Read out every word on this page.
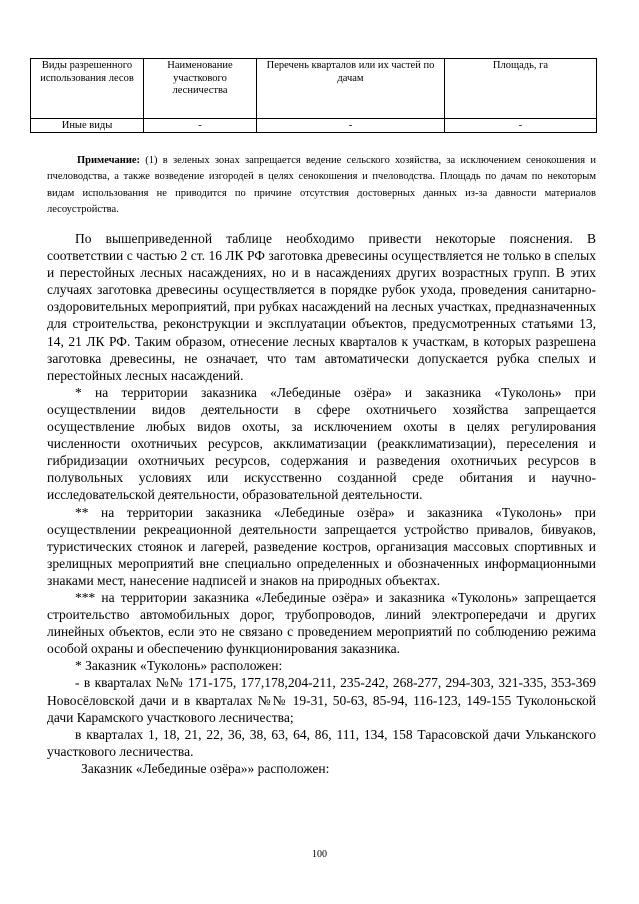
Виды разрешенного использования лесов	Наименование участкового лесничества	Перечень кварталов или их частей по дачам	Площадь, га
Иные виды	-	-	-

Примечание: (1) в зеленых зонах запрещается ведение сельского хозяйства, за исключением сенокошения и пчеловодства, а также возведение изгородей в целях сенокошения и пчеловодства. Площадь по дачам по некоторым видам использования не приводится по причине отсутствия достоверных данных из-за давности материалов лесоустройства.

По вышеприведенной таблице необходимо привести некоторые пояснения. В соответствии с частью 2 ст. 16 ЛК РФ заготовка древесины осуществляется не только в спелых и перестойных лесных насаждениях, но и в насаждениях других возрастных групп. В этих случаях заготовка древесины осуществляется в порядке рубок ухода, проведения санитарно-оздоровительных мероприятий, при рубках насаждений на лесных участках, предназначенных для строительства, реконструкции и эксплуатации объектов, предусмотренных статьями 13, 14, 21 ЛК РФ. Таким образом, отнесение лесных кварталов к участкам, в которых разрешена заготовка древесины, не означает, что там автоматически допускается рубка спелых и перестойных лесных насаждений.

* на территории заказника «Лебединые озёра» и заказника «Туколонь» при осуществлении видов деятельности в сфере охотничьего хозяйства запрещается осуществление любых видов охоты, за исключением охоты в целях регулирования численности охотничьих ресурсов, акклиматизации (реакклиматизации), переселения и гибридизации охотничьих ресурсов, содержания и разведения охотничьих ресурсов в полувольных условиях или искусственно созданной среде обитания и научно-исследовательской деятельности, образовательной деятельности.

** на территории заказника «Лебединые озёра» и заказника «Туколонь» при осуществлении рекреационной деятельности запрещается устройство привалов, бивуаков, туристических стоянок и лагерей, разведение костров, организация массовых спортивных и зрелищных мероприятий вне специально определенных и обозначенных информационными знаками мест, нанесение надписей и знаков на природных объектах.

*** на территории заказника «Лебединые озёра» и заказника «Туколонь» запрещается строительство автомобильных дорог, трубопроводов, линий электропередачи и других линейных объектов, если это не связано с проведением мероприятий по соблюдению режима особой охраны и обеспечению функционирования заказника.

* Заказник «Туколонь» расположен:

- в кварталах №№ 171-175, 177,178,204-211, 235-242, 268-277, 294-303, 321-335, 353-369 Новосёловской дачи и в кварталах №№ 19-31, 50-63, 85-94, 116-123, 149-155 Туколоньской дачи Карамского участкового лесничества;

в кварталах 1, 18, 21, 22, 36, 38, 63, 64, 86, 111, 134, 158 Тарасовской дачи Ульканского участкового лесничества.

Заказник «Лебединые озёра»» расположен:

100
